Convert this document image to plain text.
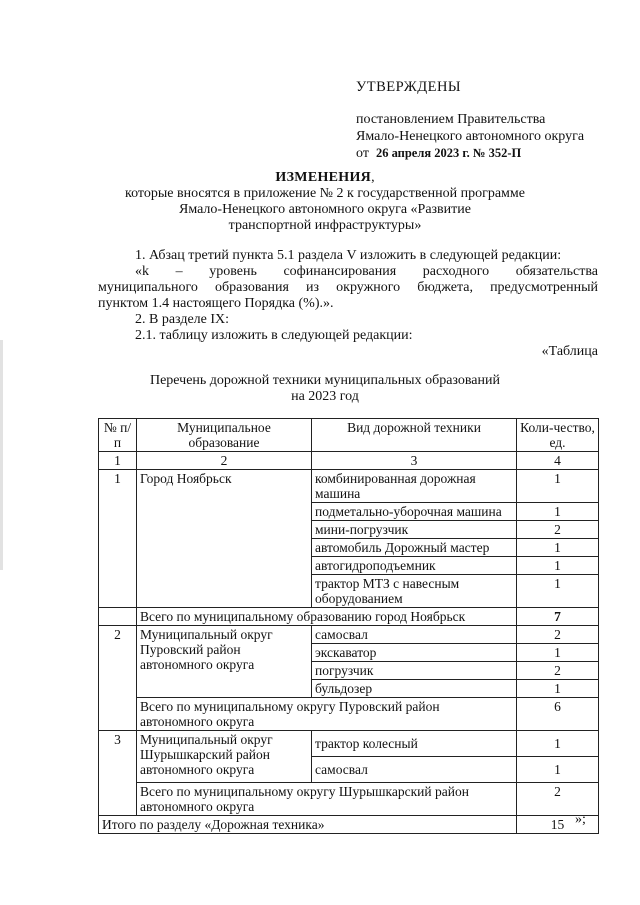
УТВЕРЖДЕНЫ
постановлением Правительства
Ямало-Ненецкого автономного округа
от 26 апреля 2023 г. № 352-П
ИЗМЕНЕНИЯ,
которые вносятся в приложение № 2 к государственной программе
Ямало-Ненецкого автономного округа «Развитие
транспортной инфраструктуры»

1. Абзац третий пункта 5.1 раздела V изложить в следующей редакции:

«k – уровень софинансирования расходного обязательства

муниципального образования из окружного бюджета, предусмотренный

пунктом 1.4 настоящего Порядка (%).».

2. В разделе IX:

2.1. таблицу изложить в следующей редакции:

«Таблица

Перечень дорожной техники муниципальных образований
на 2023 год
№ п/п	Муниципальное образование	Вид дорожной техники	Коли-чество, ед.
1	2	3	4
1	Город Ноябрьск	комбинированная дорожная машина	1
		подметально-уборочная машина	1
		мини-погрузчик	2
		автомобиль Дорожный мастер	1
		автогидроподъемник	1
		трактор МТЗ с навесным оборудованием	1
	Всего по муниципальному образованию город Ноябрьск		7
2	Муниципальный округ Пуровский район автономного округа	самосвал	2
		экскаватор	1
		погрузчик	2
		бульдозер	1
	Всего по муниципальному округу Пуровский район автономного округа		6
3	Муниципальный округ Шурышкарский район автономного округа	трактор колесный	1
		самосвал	1
	Всего по муниципальному округу Шурышкарский район автономного округа		2
Итого по разделу «Дорожная техника»			15 »;
